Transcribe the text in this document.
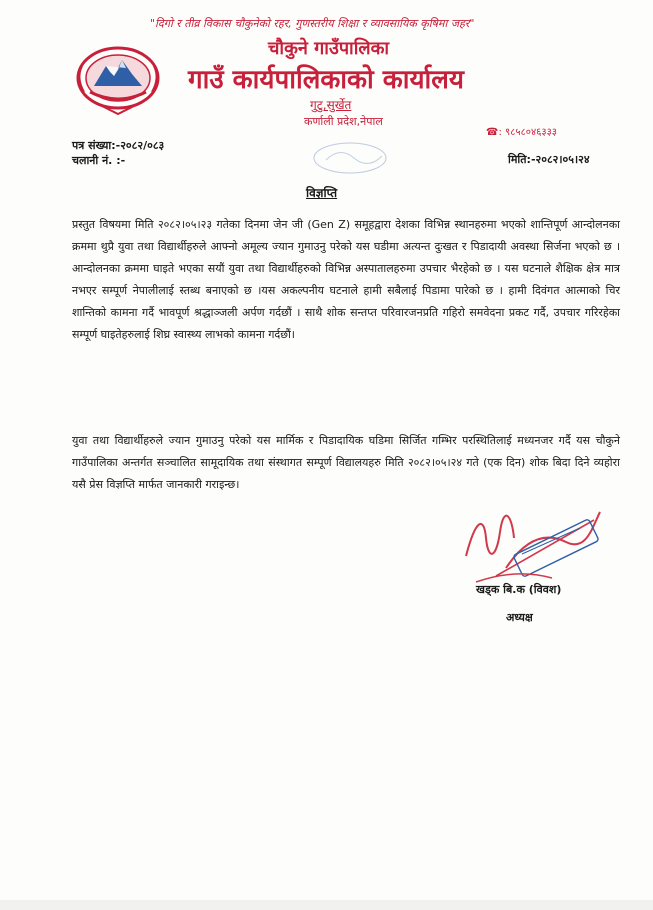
"दिगो र तीव्र विकास चौकुनेको रहर, गुणस्तरीय शिक्षा र व्यावसायिक कृषिमा जहर"
चौकुने गाउँपालिका
गाउँ कार्यपालिकाको कार्यालय
गुटु,सुर्खेत
कर्णाली प्रदेश,नेपाल
☎: ९८५८०४६३३३
पत्र संख्या:-२०८२/०८३
चलानी नं. :-	मिति:-२०८२।०५।२४
विज्ञप्ति
प्रस्तुत विषयमा मिति २०८२।०५।२३ गतेका दिनमा जेन जी (Gen Z) समूहद्वारा देशका विभिन्न स्थानहरुमा भएको शान्तिपूर्ण आन्दोलनका क्रममा थुप्रै युवा तथा विद्यार्थीहरुले आफ्नो अमूल्य ज्यान गुमाउनु परेको यस घडीमा अत्यन्त दुःखत र पिडादायी अवस्था सिर्जना भएको छ । आन्दोलनका क्रममा घाइते भएका सयौं युवा तथा विद्यार्थीहरुको विभिन्न अस्पातालहरुमा उपचार भैरहेको छ । यस घटनाले शैक्षिक क्षेत्र मात्र नभएर सम्पूर्ण नेपालीलाई स्तब्ध बनाएको छ ।यस अकल्पनीय घटनाले हामी सबैलाई पिडामा पारेको छ । हामी दिवंगत आत्माको चिर शान्तिको कामना गर्दै भावपूर्ण श्रद्धाञ्जली अर्पण गर्दछौं । साथै शोक सन्तप्त परिवारजनप्रति गहिरो समवेदना प्रकट गर्दै, उपचार गरिरहेका सम्पूर्ण घाइतेहरुलाई शिघ्र स्वास्थ्य लाभको कामना गर्दछौं।
युवा तथा विद्यार्थीहरुले ज्यान गुमाउनु परेको यस मार्मिक र पिडादायिक घडिमा सिर्जित गम्भिर परस्थितिलाई मध्यनजर गर्दै यस चौकुने गाउँपालिका अन्तर्गत सञ्चालित सामूदायिक तथा संस्थागत सम्पूर्ण विद्यालयहरु मिति २०८२।०५।२४ गते (एक दिन) शोक बिदा दिने व्यहोरा यसै प्रेस विज्ञप्ति मार्फत जानकारी गराइन्छ।
खड्क बि.क (विवश)
अध्यक्ष
